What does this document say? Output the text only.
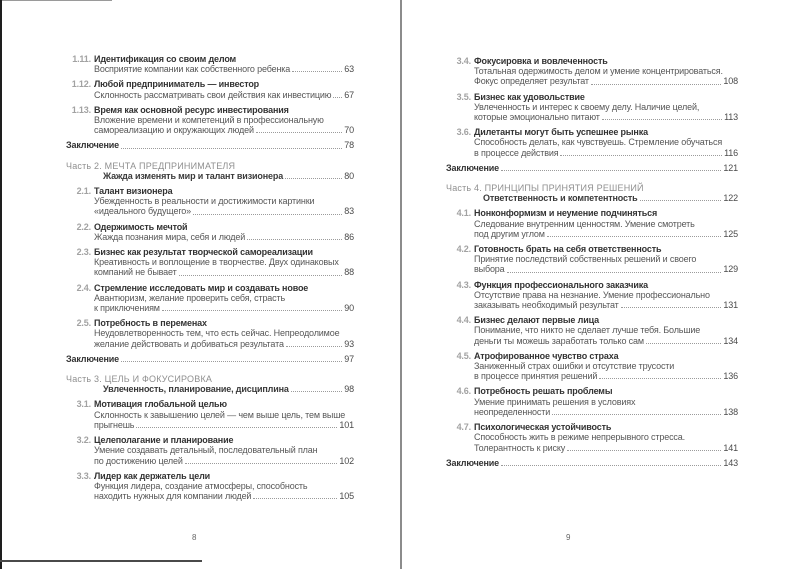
1.11. Идентификация со своим делом
Восприятие компании как собственного ребенка	63
1.12. Любой предприниматель — инвестор
Склонность рассматривать свои действия как инвестицию 67
1.13. Время как основной ресурс инвестирования
Вложение времени и компетенций в профессиональную
самореализацию и окружающих людей	70
Заключение	78
Часть 2. МЕЧТА ПРЕДПРИНИМАТЕЛЯ
Жажда изменять мир и талант визионера	80
2.1. Талант визионера
Убежденность в реальности и достижимости картинки
«идеального будущего»	83
2.2. Одержимость мечтой
Жажда познания мира, себя и людей	86
2.3. Бизнес как результат творческой самореализации
Креативность и воплощение в творчестве. Двух одинаковых
компаний не бывает	88
2.4. Стремление исследовать мир и создавать новое
Авантюризм, желание проверить себя, страсть
к приключениям	90
2.5. Потребность в переменах
Неудовлетворенность тем, что есть сейчас. Непреодолимое
желание действовать и добиваться результата	93
Заключение	97
Часть 3. ЦЕЛЬ И ФОКУСИРОВКА
Увлеченность, планирование, дисциплина	98
3.1. Мотивация глобальной целью
Склонность к завышению целей — чем выше цель, тем выше
прыгнешь	101
3.2. Целеполагание и планирование
Умение создавать детальный, последовательный план
по достижению целей	102
3.3. Лидер как держатель цели
Функция лидера, создание атмосферы, способность
находить нужных для компании людей	105
3.4. Фокусировка и вовлеченность
Тотальная одержимость делом и умение концентрироваться.
Фокус определяет результат	108
3.5. Бизнес как удовольствие
Увлеченность и интерес к своему делу. Наличие целей,
которые эмоционально питают	113
3.6. Дилетанты могут быть успешнее рынка
Способность делать, как чувствуешь. Стремление обучаться
в процессе действия	116
Заключение	121
Часть 4. ПРИНЦИПЫ ПРИНЯТИЯ РЕШЕНИЙ
Ответственность и компетентность	122
4.1. Нонконформизм и неумение подчиняться
Следование внутренним ценностям. Умение смотреть
под другим углом	125
4.2. Готовность брать на себя ответственность
Принятие последствий собственных решений и своего
выбора	129
4.3. Функция профессионального заказчика
Отсутствие права на незнание. Умение профессионально
заказывать необходимый результат	131
4.4. Бизнес делают первые лица
Понимание, что никто не сделает лучше тебя. Большие
деньги ты можешь заработать только сам	134
4.5. Атрофированное чувство страха
Заниженный страх ошибки и отсутствие трусости
в процессе принятия решений	136
4.6. Потребность решать проблемы
Умение принимать решения в условиях
неопределенности	138
4.7. Психологическая устойчивость
Способность жить в режиме непрерывного стресса.
Толерантность к риску	141
Заключение	143
8	9
